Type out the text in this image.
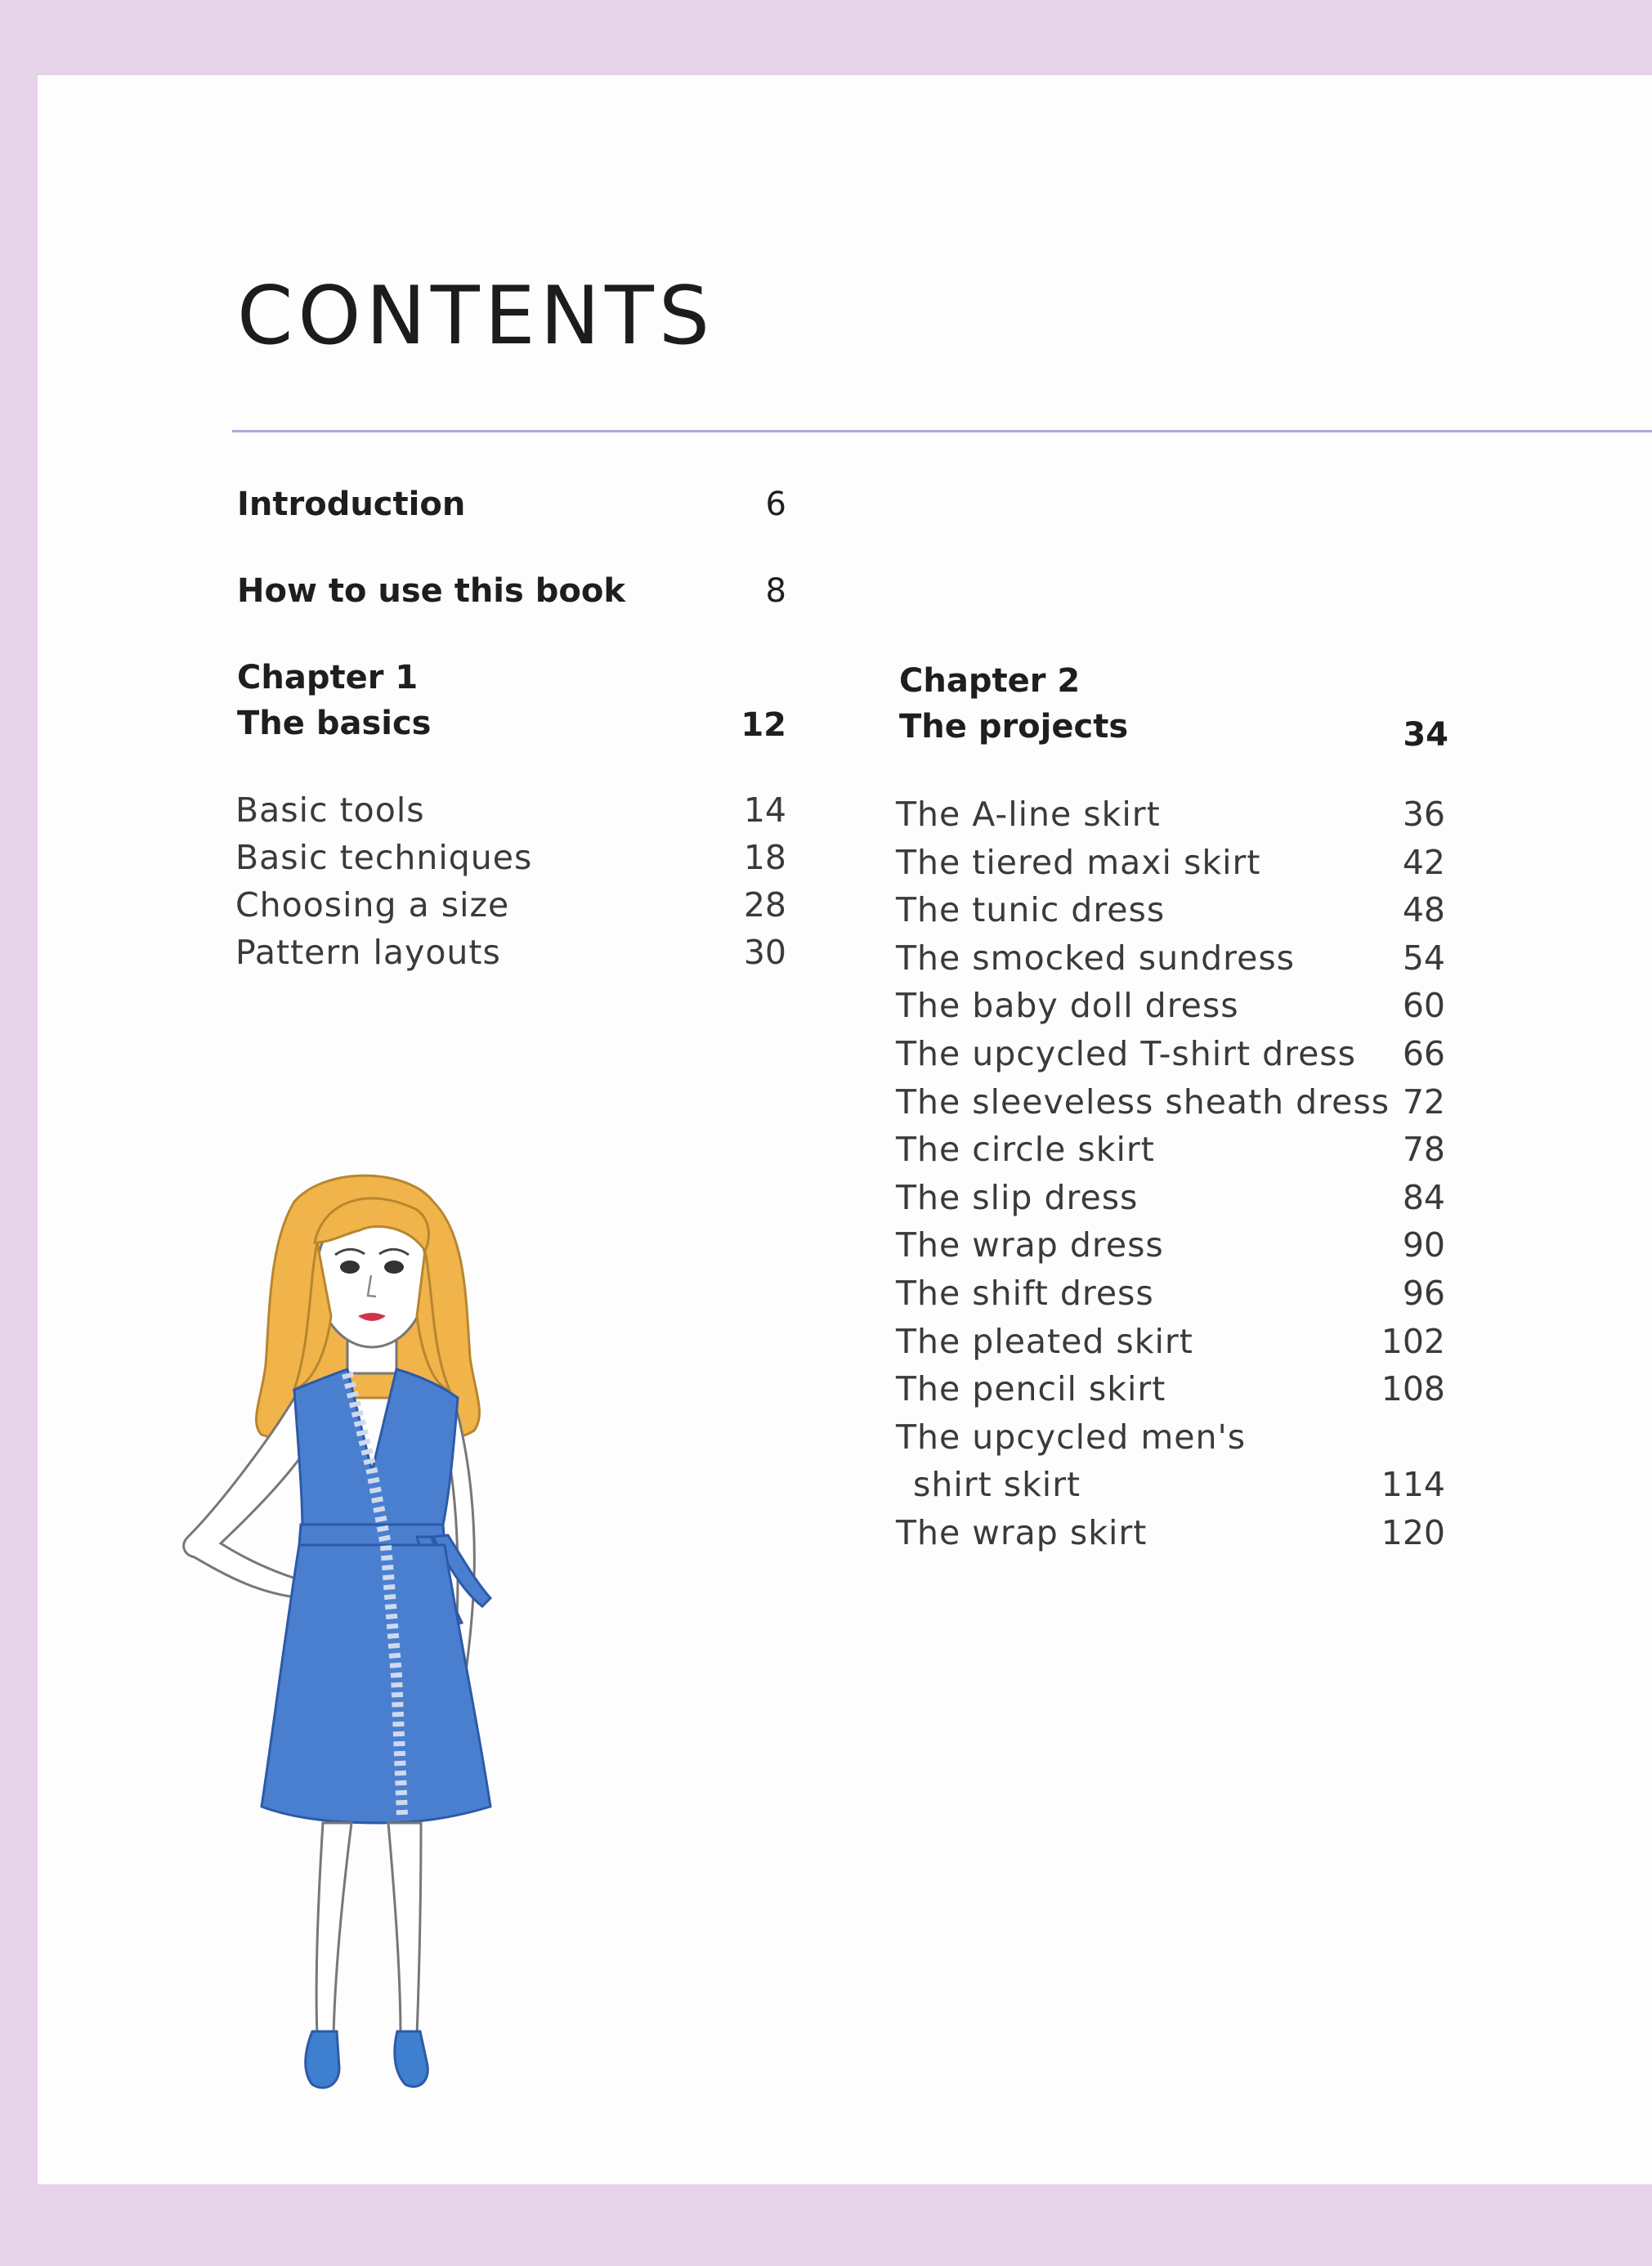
CONTENTS
Introduction	6
How to use this book	8
Chapter 1
The basics	12
Basic tools	14
Basic techniques	18
Choosing a size	28
Pattern layouts	30
Chapter 2
The projects	34
The A-line skirt	36
The tiered maxi skirt	42
The tunic dress	48
The smocked sundress	54
The baby doll dress	60
The upcycled T-shirt dress	66
The sleeveless sheath dress 72
The circle skirt	78
The slip dress	84
The wrap dress	90
The shift dress	96
The pleated skirt	102
The pencil skirt	108
The upcycled men's
shirt skirt	114
The wrap skirt	120
